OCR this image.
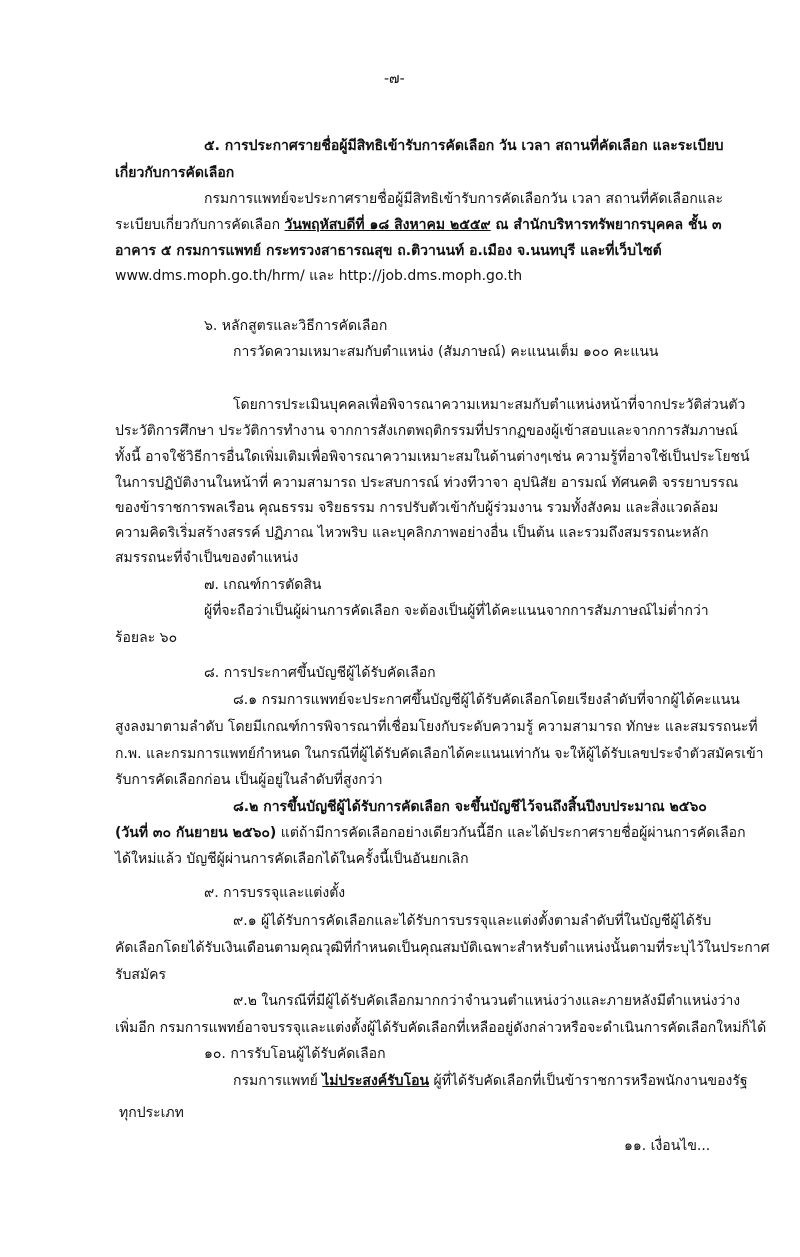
-๗-
๕. การประกาศรายชื่อผู้มีสิทธิเข้ารับการคัดเลือก วัน เวลา สถานที่คัดเลือก และระเบียบ
เกี่ยวกับการคัดเลือก
กรมการแพทย์จะประกาศรายชื่อผู้มีสิทธิเข้ารับการคัดเลือกวัน เวลา สถานที่คัดเลือกและ
ระเบียบเกี่ยวกับการคัดเลือก วันพฤหัสบดีที่ ๑๘ สิงหาคม ๒๕๕๙ ณ สำนักบริหารทรัพยากรบุคคล ชั้น ๓
อาคาร ๕ กรมการแพทย์ กระทรวงสาธารณสุข ถ.ติวานนท์ อ.เมือง จ.นนทบุรี และที่เว็บไซต์
www.dms.moph.go.th/hrm/ และ http://job.dms.moph.go.th
๖. หลักสูตรและวิธีการคัดเลือก
การวัดความเหมาะสมกับตำแหน่ง (สัมภาษณ์) คะแนนเต็ม ๑๐๐ คะแนน
โดยการประเมินบุคคลเพื่อพิจารณาความเหมาะสมกับตำแหน่งหน้าที่จากประวัติส่วนตัว
ประวัติการศึกษา ประวัติการทำงาน จากการสังเกตพฤติกรรมที่ปรากฏของผู้เข้าสอบและจากการสัมภาษณ์
ทั้งนี้ อาจใช้วิธีการอื่นใดเพิ่มเติมเพื่อพิจารณาความเหมาะสมในด้านต่างๆเช่น ความรู้ที่อาจใช้เป็นประโยชน์
ในการปฏิบัติงานในหน้าที่ ความสามารถ ประสบการณ์ ท่วงทีวาจา อุปนิสัย อารมณ์ ทัศนคติ จรรยาบรรณ
ของข้าราชการพลเรือน คุณธรรม จริยธรรม การปรับตัวเข้ากับผู้ร่วมงาน รวมทั้งสังคม และสิ่งแวดล้อม
ความคิดริเริ่มสร้างสรรค์ ปฏิภาณ ไหวพริบ และบุคลิกภาพอย่างอื่น เป็นต้น และรวมถึงสมรรถนะหลัก
สมรรถนะที่จำเป็นของตำแหน่ง
๗. เกณฑ์การตัดสิน
ผู้ที่จะถือว่าเป็นผู้ผ่านการคัดเลือก จะต้องเป็นผู้ที่ได้คะแนนจากการสัมภาษณ์ไม่ต่ำกว่า
ร้อยละ ๖๐
๘. การประกาศขึ้นบัญชีผู้ได้รับคัดเลือก
๘.๑ กรมการแพทย์จะประกาศขึ้นบัญชีผู้ได้รับคัดเลือกโดยเรียงลำดับที่จากผู้ได้คะแนน
สูงลงมาตามลำดับ โดยมีเกณฑ์การพิจารณาที่เชื่อมโยงกับระดับความรู้ ความสามารถ ทักษะ และสมรรถนะที่
ก.พ. และกรมการแพทย์กำหนด ในกรณีที่ผู้ได้รับคัดเลือกได้คะแนนเท่ากัน จะให้ผู้ได้รับเลขประจำตัวสมัครเข้า
รับการคัดเลือกก่อน เป็นผู้อยู่ในลำดับที่สูงกว่า
๘.๒ การขึ้นบัญชีผู้ได้รับการคัดเลือก จะขึ้นบัญชีไว้จนถึงสิ้นปีงบประมาณ ๒๕๖๐
(วันที่ ๓๐ กันยายน ๒๕๖๐) แต่ถ้ามีการคัดเลือกอย่างเดียวกันนี้อีก และได้ประกาศรายชื่อผู้ผ่านการคัดเลือก
ได้ใหม่แล้ว บัญชีผู้ผ่านการคัดเลือกได้ในครั้งนี้เป็นอันยกเลิก
๙. การบรรจุและแต่งตั้ง
๙.๑ ผู้ได้รับการคัดเลือกและได้รับการบรรจุและแต่งตั้งตามลำดับที่ในบัญชีผู้ได้รับ
คัดเลือกโดยได้รับเงินเดือนตามคุณวุฒิที่กำหนดเป็นคุณสมบัติเฉพาะสำหรับตำแหน่งนั้นตามที่ระบุไว้ในประกาศ
รับสมัคร
๙.๒ ในกรณีที่มีผู้ได้รับคัดเลือกมากกว่าจำนวนตำแหน่งว่างและภายหลังมีตำแหน่งว่าง
เพิ่มอีก กรมการแพทย์อาจบรรจุและแต่งตั้งผู้ได้รับคัดเลือกที่เหลืออยู่ดังกล่าวหรือจะดำเนินการคัดเลือกใหม่ก็ได้
๑๐. การรับโอนผู้ได้รับคัดเลือก
กรมการแพทย์ ไม่ประสงค์รับโอน ผู้ที่ได้รับคัดเลือกที่เป็นข้าราชการหรือพนักงานของรัฐ
ทุกประเภท
๑๑. เงื่อนไข...
